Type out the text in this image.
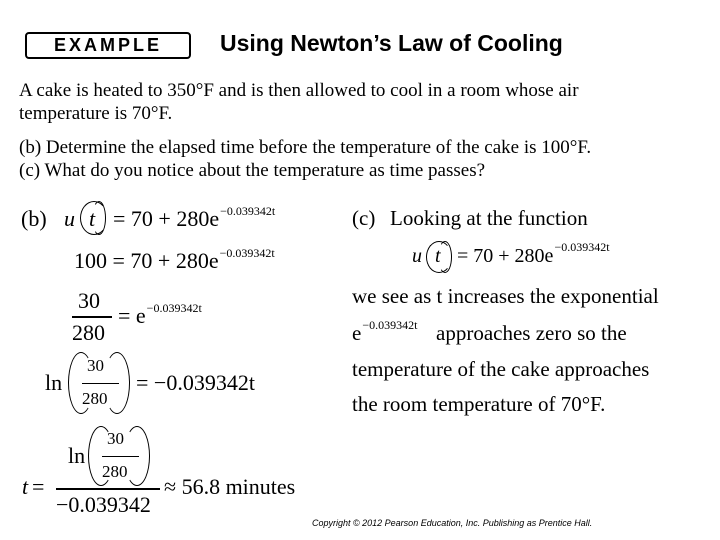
EXAMPLE	Using Newton’s Law of Cooling
A cake is heated to 350°F and is then allowed to cool in a room whose air
temperature is 70°F.
(b) Determine the elapsed time before the temperature of the cake is 100°F.
(c) What do you notice about the temperature as time passes?
(b) u $t = 70 + 280e^{-0.039342t}$
$100 = 70 + 280e^{-0.039342t}$
30
280
= $e^{-0.039342t}$
ln
30
280
= −0.039342t
t =
ln
30
280
−0.039342
≈ 56.8 minutes
(c) Looking at the function
u $t = 70 + 280e^{-0.039342t}$
we see as t increases the exponential
$e^{-0.039342t}$ approaches zero so the
temperature of the cake approaches
the room temperature of 70°F.
Copyright © 2012 Pearson Education, Inc. Publishing as Prentice Hall.
